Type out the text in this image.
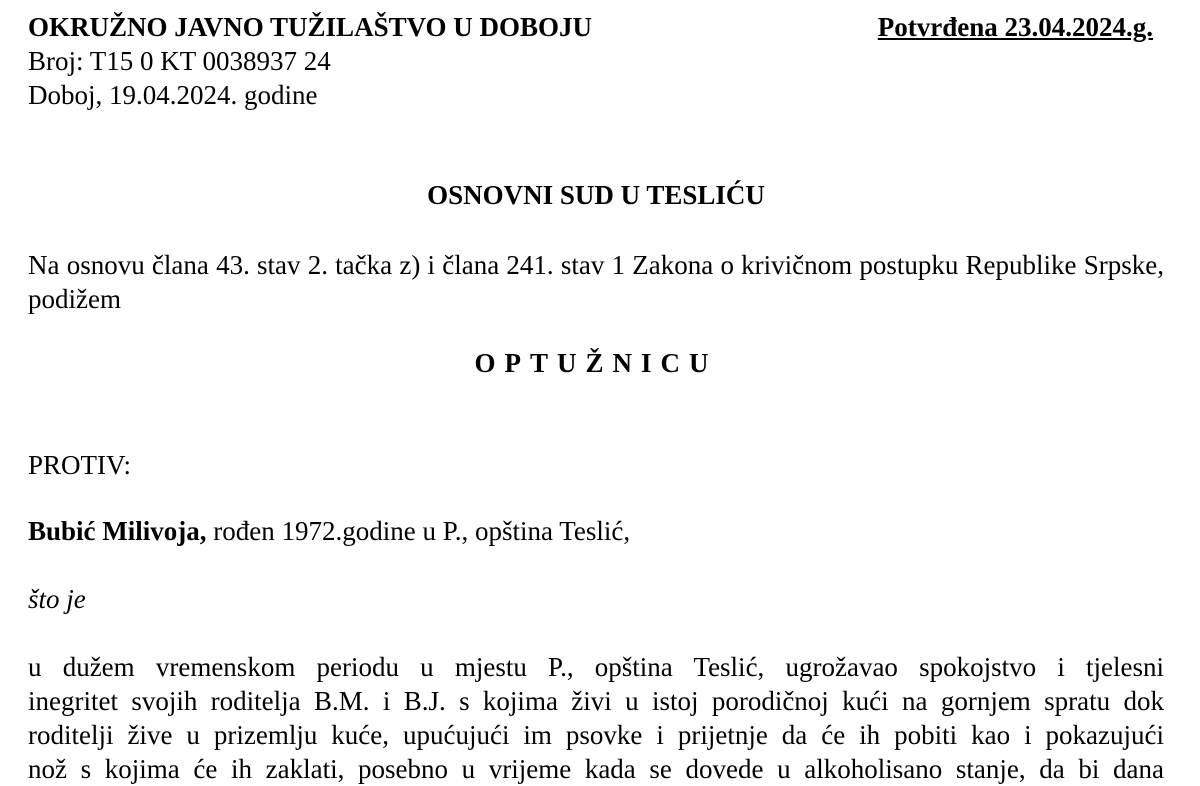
OKRUŽNO JAVNO TUŽILAŠTVO U DOBOJU
Broj: T15 0 KT 0038937 24
Doboj, 19.04.2024. godine
Potvrđena 23.04.2024.g.
OSNOVNI SUD U TESLIĆU
Na osnovu člana 43. stav 2. tačka z) i člana 241. stav 1 Zakona o krivičnom postupku Republike Srpske, podižem
OPTUŽNICU
PROTIV:
Bubić Milivoja, rođen 1972.godine u P., opština Teslić,
što je
u dužem vremenskom periodu u mjestu P., opština Teslić, ugrožavao spokojstvo i tjelesni
inegritet svojih roditelja B.M. i B.J. s kojima živi u istoj porodičnoj kući na gornjem spratu dok
roditelji žive u prizemlju kuće, upućujući im psovke i prijetnje da će ih pobiti kao i pokazujući
nož s kojima će ih zaklati, posebno u vrijeme kada se dovede u alkoholisano stanje, da bi dana
